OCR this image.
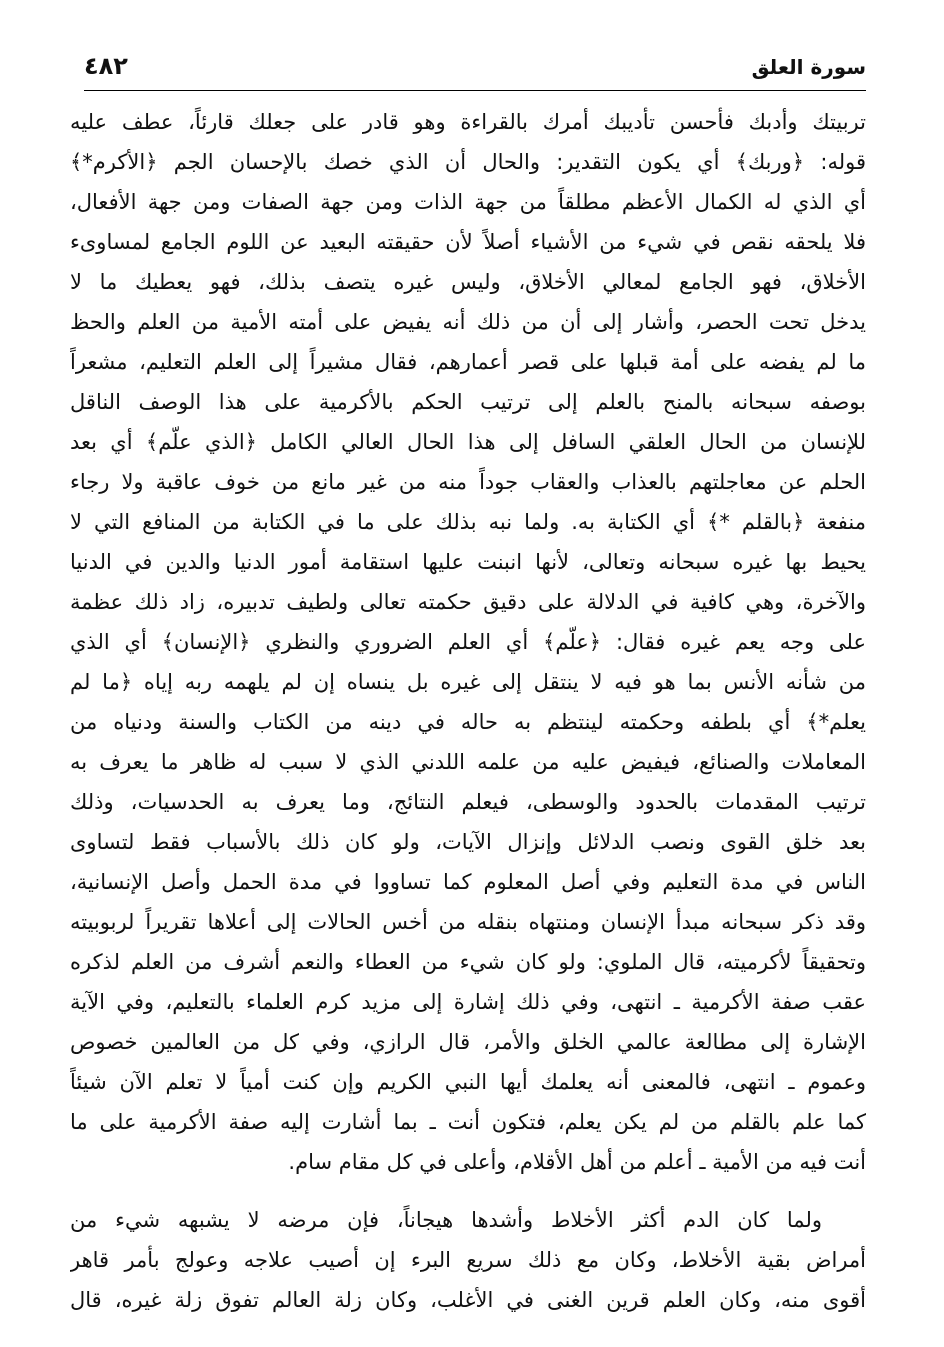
٤٨٢	سورة العلق
تربيتك وأدبك فأحسن تأديبك أمرك بالقراءة وهو قادر على جعلك قارئاً، عطف عليه
قوله: ﴿وربك﴾ أي يكون التقدير: والحال أن الذي خصك بالإحسان الجم ﴿الأكرم*﴾
أي الذي له الكمال الأعظم مطلقاً من جهة الذات ومن جهة الصفات ومن جهة الأفعال،
فلا يلحقه نقص في شيء من الأشياء أصلاً لأن حقيقته البعيد عن اللوم الجامع لمساوىء
الأخلاق، فهو الجامع لمعالي الأخلاق، وليس غيره يتصف بذلك، فهو يعطيك ما لا
يدخل تحت الحصر، وأشار إلى أن من ذلك أنه يفيض على أمته الأمية من العلم والحظ
ما لم يفضه على أمة قبلها على قصر أعمارهم، فقال مشيراً إلى العلم التعليم، مشعراً
بوصفه سبحانه بالمنح بالعلم إلى ترتيب الحكم بالأكرمية على هذا الوصف الناقل
للإنسان من الحال العلقي السافل إلى هذا الحال العالي الكامل ﴿الذي علّم﴾ أي بعد
الحلم عن معاجلتهم بالعذاب والعقاب جوداً منه من غير مانع من خوف عاقبة ولا رجاء
منفعة ﴿بالقلم *﴾ أي الكتابة به. ولما نبه بذلك على ما في الكتابة من المنافع التي لا
يحيط بها غيره سبحانه وتعالى، لأنها انبنت عليها استقامة أمور الدنيا والدين في الدنيا
والآخرة، وهي كافية في الدلالة على دقيق حكمته تعالى ولطيف تدبيره، زاد ذلك عظمة
على وجه يعم غيره فقال: ﴿علّم﴾ أي العلم الضروري والنظري ﴿الإنسان﴾ أي الذي
من شأنه الأنس بما هو فيه لا ينتقل إلى غيره بل ينساه إن لم يلهمه ربه إياه ﴿ما لم
يعلم*﴾ أي بلطفه وحكمته لينتظم به حاله في دينه من الكتاب والسنة ودنياه من
المعاملات والصنائع، فيفيض عليه من علمه اللدني الذي لا سبب له ظاهر ما يعرف به
ترتيب المقدمات بالحدود والوسطى، فيعلم النتائج، وما يعرف به الحدسيات، وذلك
بعد خلق القوى ونصب الدلائل وإنزال الآيات، ولو كان ذلك بالأسباب فقط لتساوى
الناس في مدة التعليم وفي أصل المعلوم كما تساووا في مدة الحمل وأصل الإنسانية،
وقد ذكر سبحانه مبدأ الإنسان ومنتهاه بنقله من أخس الحالات إلى أعلاها تقريراً لربوبيته
وتحقيقاً لأكرميته، قال الملوي: ولو كان شيء من العطاء والنعم أشرف من العلم لذكره
عقب صفة الأكرمية ـ انتهى، وفي ذلك إشارة إلى مزيد كرم العلماء بالتعليم، وفي الآية
الإشارة إلى مطالعة عالمي الخلق والأمر، قال الرازي، وفي كل من العالمين خصوص
وعموم ـ انتهى، فالمعنى أنه يعلمك أيها النبي الكريم وإن كنت أمياً لا تعلم الآن شيئاً
كما علم بالقلم من لم يكن يعلم، فتكون أنت ـ بما أشارت إليه صفة الأكرمية على ما
أنت فيه من الأمية ـ أعلم من أهل الأقلام، وأعلى في كل مقام سام.
ولما كان الدم أكثر الأخلاط وأشدها هيجاناً، فإن مرضه لا يشبهه شيء من
أمراض بقية الأخلاط، وكان مع ذلك سريع البرء إن أصيب علاجه وعولج بأمر قاهر
أقوى منه، وكان العلم قرين الغنى في الأغلب، وكان زلة العالم تفوق زلة غيره، قال
